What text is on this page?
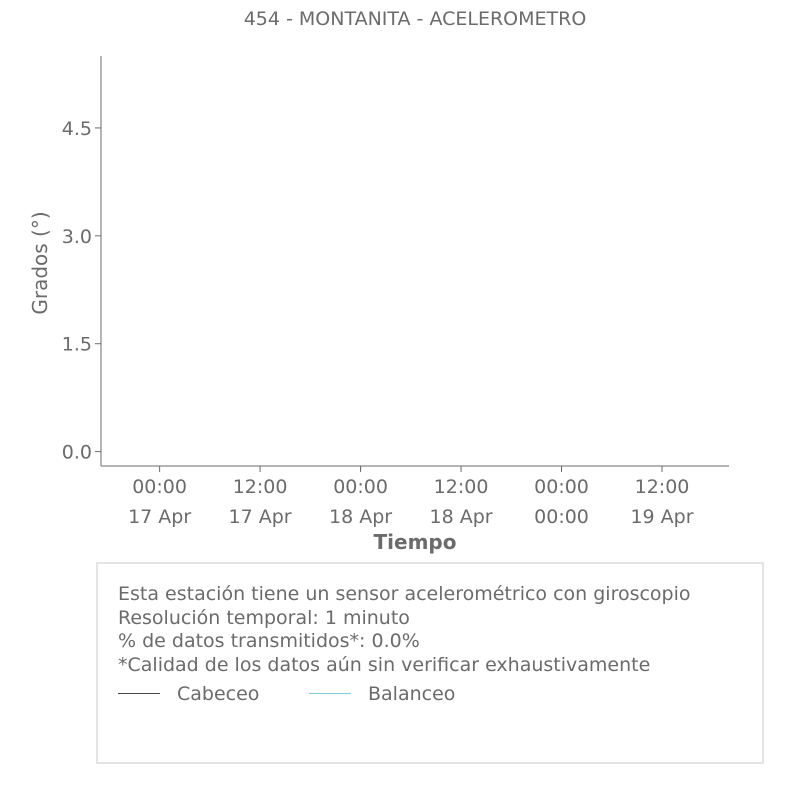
454 - MONTANITA - ACELEROMETRO
0.0
1.5
3.0
4.5
00:00
17 Apr
12:00
17 Apr
00:00
18 Apr
12:00
18 Apr
00:00
00:00
12:00
19 Apr
Grados (°)
Tiempo
Esta estación tiene un sensor acelerométrico con giroscopio
Resolución temporal: 1 minuto
% de datos transmitidos*: 0.0%
*Calidad de los datos aún sin verificar exhaustivamente
Cabeceo	Balanceo
